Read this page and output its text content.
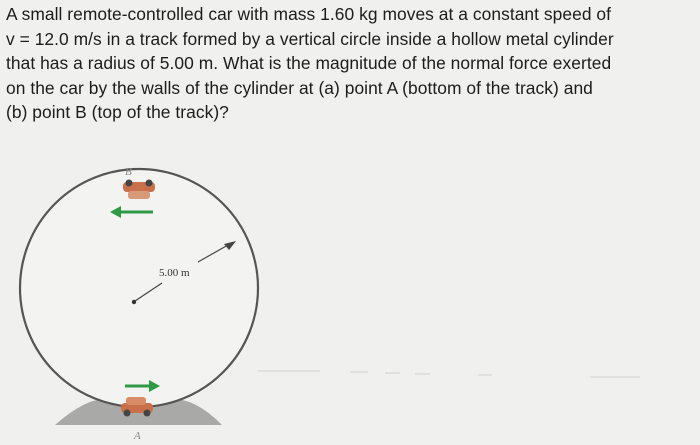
A small remote-controlled car with mass 1.60 kg moves at a constant speed of
v = 12.0 m/s in a track formed by a vertical circle inside a hollow metal cylinder
that has a radius of 5.00 m. What is the magnitude of the normal force exerted
on the car by the walls of the cylinder at (a) point A (bottom of the track) and
(b) point B (top of the track)?
5.00 m
B
A
